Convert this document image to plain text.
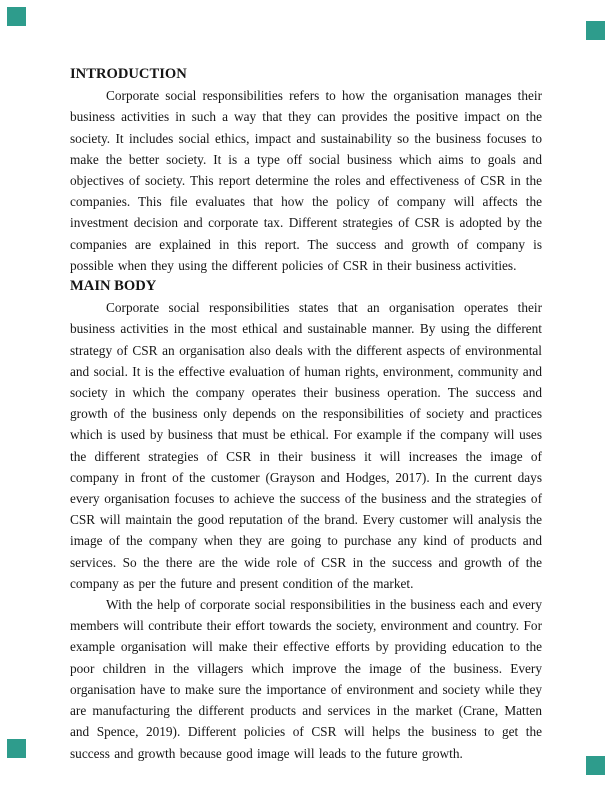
INTRODUCTION

Corporate social responsibilities refers to how the organisation manages their business activities in such a way that they can provides the positive impact on the society. It includes social ethics, impact and sustainability so the business focuses to make the better society. It is a type off social business which aims to goals and objectives of society. This report determine the roles and effectiveness of CSR in the companies. This file evaluates that how the policy of company will affects the investment decision and corporate tax. Different strategies of CSR is adopted by the companies are explained in this report. The success and growth of company is possible when they using the different policies of CSR in their business activities.

MAIN BODY

Corporate social responsibilities states that an organisation operates their business activities in the most ethical and sustainable manner. By using the different strategy of CSR an organisation also deals with the different aspects of environmental and social. It is the effective evaluation of human rights, environment, community and society in which the company operates their business operation. The success and growth of the business only depends on the responsibilities of society and practices which is used by business that must be ethical. For example if the company will uses the different strategies of CSR in their business it will increases the image of company in front of the customer (Grayson and Hodges, 2017). In the current days every organisation focuses to achieve the success of the business and the strategies of CSR will maintain the good reputation of the brand. Every customer will analysis the image of the company when they are going to purchase any kind of products and services. So the there are the wide role of CSR in the success and growth of the company as per the future and present condition of the market.

With the help of corporate social responsibilities in the business each and every members will contribute their effort towards the society, environment and country. For example organisation will make their effective efforts by providing education to the poor children in the villagers which improve the image of the business. Every organisation have to make sure the importance of environment and society while they are manufacturing the different products and services in the market (Crane, Matten and Spence, 2019). Different policies of CSR will helps the business to get the success and growth because good image will leads to the future growth.
